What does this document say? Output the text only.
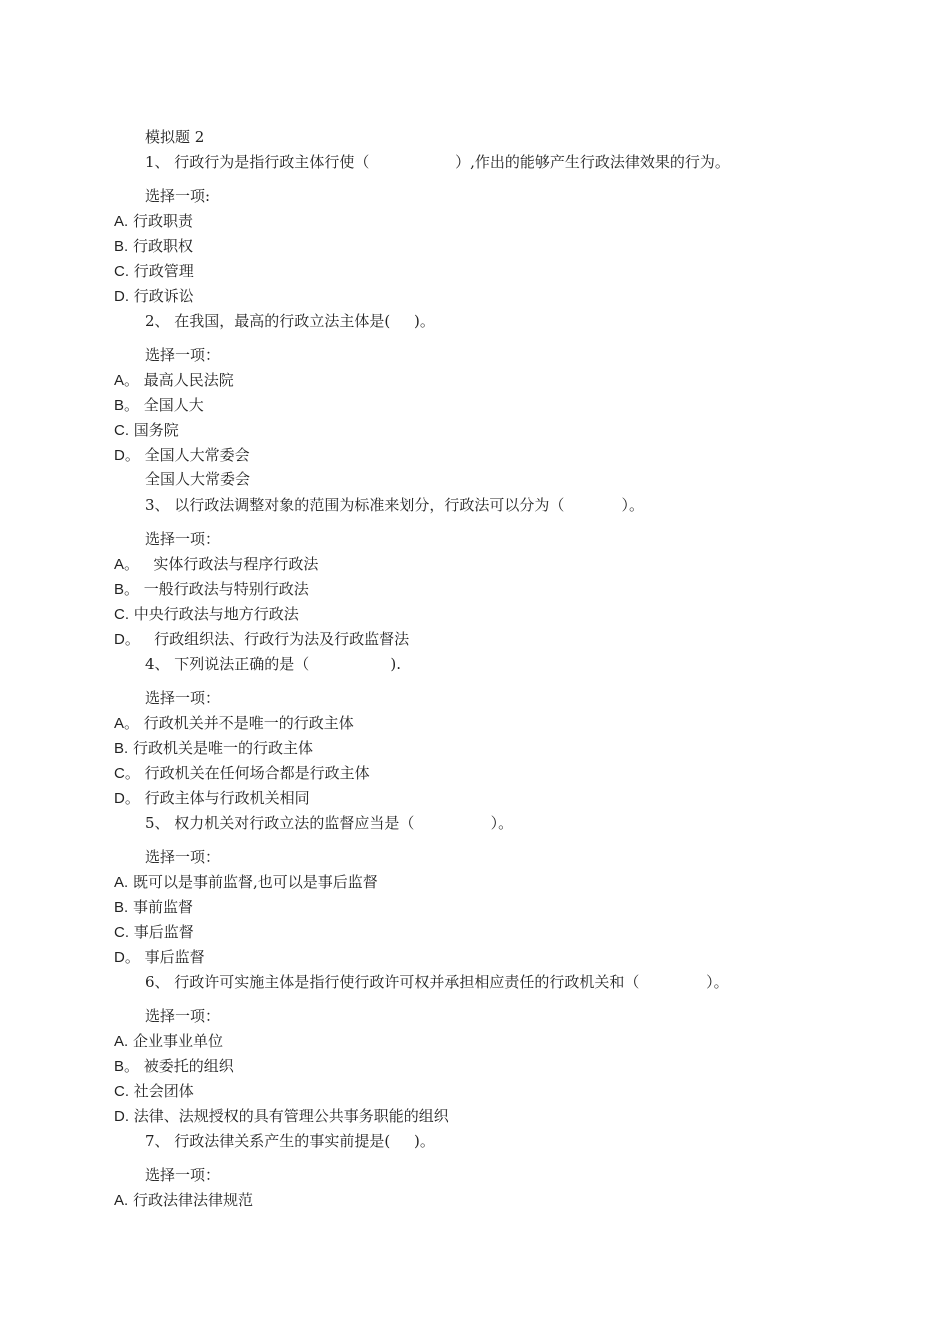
模拟题 2
1、 行政行为是指行政主体行使（                  ）,作出的能够产生行政法律效果的行为。
选择一项:
A. 行政职责
B. 行政职权
C. 行政管理
D. 行政诉讼
2、 在我国，最高的行政立法主体是(     )。
选择一项：
A。 最高人民法院
B。 全国人大
C. 国务院
D。 全国人大常委会
全国人大常委会
3、 以行政法调整对象的范围为标准来划分，行政法可以分为（            ）。
选择一项：
A。   实体行政法与程序行政法
B。 一般行政法与特别行政法
C. 中央行政法与地方行政法
D。   行政组织法、行政行为法及行政监督法
4、 下列说法正确的是（                 ).
选择一项：
A。 行政机关并不是唯一的行政主体
B. 行政机关是唯一的行政主体
C。 行政机关在任何场合都是行政主体
D。 行政主体与行政机关相同
5、 权力机关对行政立法的监督应当是（                ）。
选择一项：
A. 既可以是事前监督,也可以是事后监督
B. 事前监督
C. 事后监督
D。 事后监督
6、 行政许可实施主体是指行使行政许可权并承担相应责任的行政机关和（              ）。
选择一项：
A. 企业事业单位
B。 被委托的组织
C. 社会团体
D. 法律、法规授权的具有管理公共事务职能的组织
7、 行政法律关系产生的事实前提是(     )。
选择一项：
A. 行政法律法律规范
